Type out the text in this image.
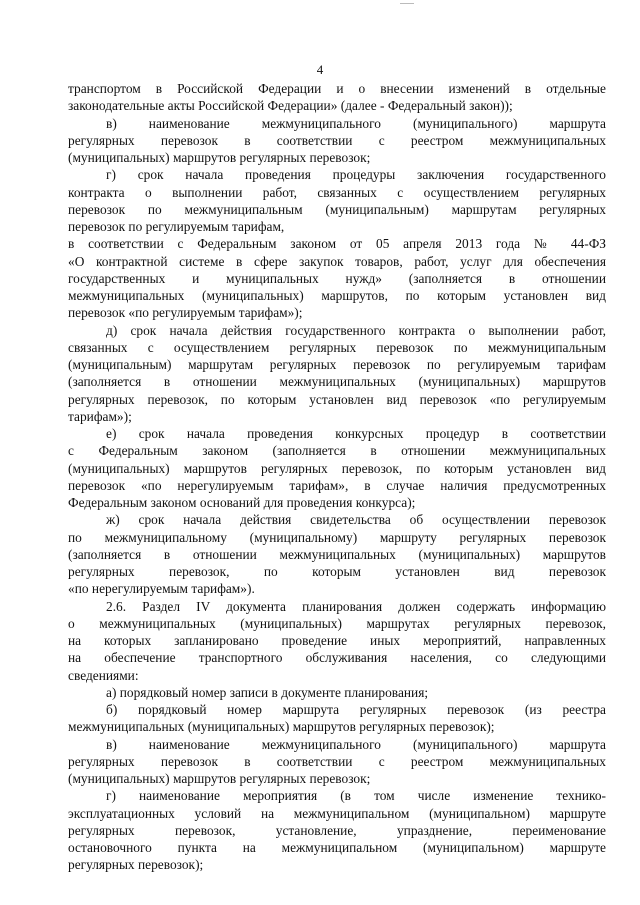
4
транспортом в Российской Федерации и о внесении изменений в отдельные
законодательные акты Российской Федерации» (далее - Федеральный закон));
в) наименование межмуниципального (муниципального) маршрута
регулярных перевозок в соответствии с реестром межмуниципальных
(муниципальных) маршрутов регулярных перевозок;
г) срок начала проведения процедуры заключения государственного
контракта о выполнении работ, связанных с осуществлением регулярных
перевозок по межмуниципальным (муниципальным) маршрутам регулярных
перевозок по регулируемым тарифам,
в соответствии с Федеральным законом от 05 апреля 2013 года № 44-ФЗ
«О контрактной системе в сфере закупок товаров, работ, услуг для обеспечения
государственных и муниципальных нужд» (заполняется в отношении
межмуниципальных (муниципальных) маршрутов, по которым установлен вид
перевозок «по регулируемым тарифам»);
д) срок начала действия государственного контракта о выполнении работ,
связанных с осуществлением регулярных перевозок по межмуниципальным
(муниципальным) маршрутам регулярных перевозок по регулируемым тарифам
(заполняется в отношении межмуниципальных (муниципальных) маршрутов
регулярных перевозок, по которым установлен вид перевозок «по регулируемым
тарифам»);
е) срок начала проведения конкурсных процедур в соответствии
с Федеральным законом (заполняется в отношении межмуниципальных
(муниципальных) маршрутов регулярных перевозок, по которым установлен вид
перевозок «по нерегулируемым тарифам», в случае наличия предусмотренных
Федеральным законом оснований для проведения конкурса);
ж) срок начала действия свидетельства об осуществлении перевозок
по межмуниципальному (муниципальному) маршруту регулярных перевозок
(заполняется в отношении межмуниципальных (муниципальных) маршрутов
регулярных перевозок, по которым установлен вид перевозок
«по нерегулируемым тарифам»).
2.6. Раздел IV документа планирования должен содержать информацию
о межмуниципальных (муниципальных) маршрутах регулярных перевозок,
на которых запланировано проведение иных мероприятий, направленных
на обеспечение транспортного обслуживания населения, со следующими
сведениями:
а) порядковый номер записи в документе планирования;
б) порядковый номер маршрута регулярных перевозок (из реестра
межмуниципальных (муниципальных) маршрутов регулярных перевозок);
в) наименование межмуниципального (муниципального) маршрута
регулярных перевозок в соответствии с реестром межмуниципальных
(муниципальных) маршрутов регулярных перевозок;
г) наименование мероприятия (в том числе изменение технико-
эксплуатационных условий на межмуниципальном (муниципальном) маршруте
регулярных перевозок, установление, упразднение, переименование
остановочного пункта на межмуниципальном (муниципальном) маршруте
регулярных перевозок);
